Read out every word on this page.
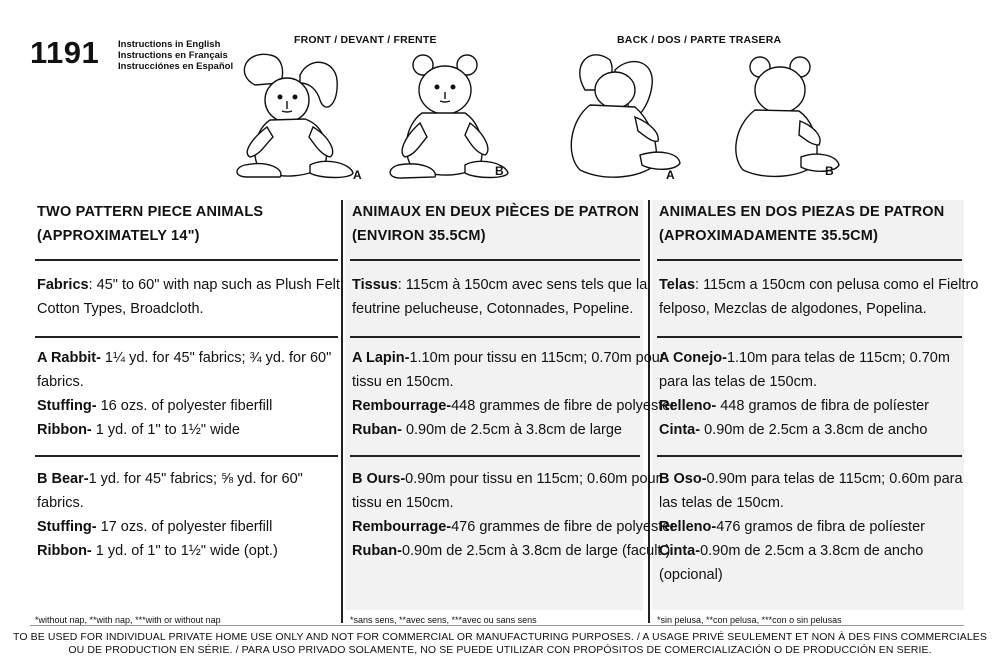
1191 Instructions in English
Instructions en Français
Instrucciónes en Español
FRONT / DEVANT / FRENTE	BACK / DOS / PARTE TRASERA
A	B	A	B
TWO PATTERN PIECE ANIMALS
(APPROXIMATELY 14")
Fabrics: 45" to 60" with nap such as Plush Felt,
Cotton Types, Broadcloth.
A Rabbit- 1¼ yd. for 45" fabrics; ¾ yd. for 60"
fabrics.
Stuffing- 16 ozs. of polyester fiberfill
Ribbon- 1 yd. of 1" to 1½" wide
B Bear-1 yd. for 45" fabrics; ⅝ yd. for 60"
fabrics.
Stuffing- 17 ozs. of polyester fiberfill
Ribbon- 1 yd. of 1" to 1½" wide (opt.)
*without nap, **with nap, ***with or without nap
ANIMAUX EN DEUX PIÈCES DE PATRON
(ENVIRON 35.5CM)
Tissus: 115cm à 150cm avec sens tels que la
feutrine pelucheuse, Cotonnades, Popeline.
A Lapin-1.10m pour tissu en 115cm; 0.70m pour
tissu en 150cm.
Rembourrage-448 grammes de fibre de polyester
Ruban- 0.90m de 2.5cm à 3.8cm de large
B Ours-0.90m pour tissu en 115cm; 0.60m pour
tissu en 150cm.
Rembourrage-476 grammes de fibre de polyester
Ruban-0.90m de 2.5cm à 3.8cm de large (facult.)
*sans sens, **avec sens, ***avec ou sans sens
ANIMALES EN DOS PIEZAS DE PATRON
(APROXIMADAMENTE 35.5CM)
Telas: 115cm a 150cm con pelusa como el Fieltro
felposo, Mezclas de algodones, Popelina.
A Conejo-1.10m para telas de 115cm; 0.70m
para las telas de 150cm.
Relleno- 448 gramos de fibra de políester
Cinta- 0.90m de 2.5cm a 3.8cm de ancho
B Oso-0.90m para telas de 115cm; 0.60m para
las telas de 150cm.
Relleno-476 gramos de fibra de políester
Cinta-0.90m de 2.5cm a 3.8cm de ancho
(opcional)
*sin pelusa, **con pelusa, ***con o sin pelusas
TO BE USED FOR INDIVIDUAL PRIVATE HOME USE ONLY AND NOT FOR COMMERCIAL OR MANUFACTURING PURPOSES. / A USAGE PRIVÉ SEULEMENT ET NON À DES FINS COMMERCIALES
OU DE PRODUCTION EN SÉRIE. / PARA USO PRIVADO SOLAMENTE, NO SE PUEDE UTILIZAR CON PROPÓSITOS DE COMERCIALIZACIÓN O DE PRODUCCIÓN EN SERIE.
